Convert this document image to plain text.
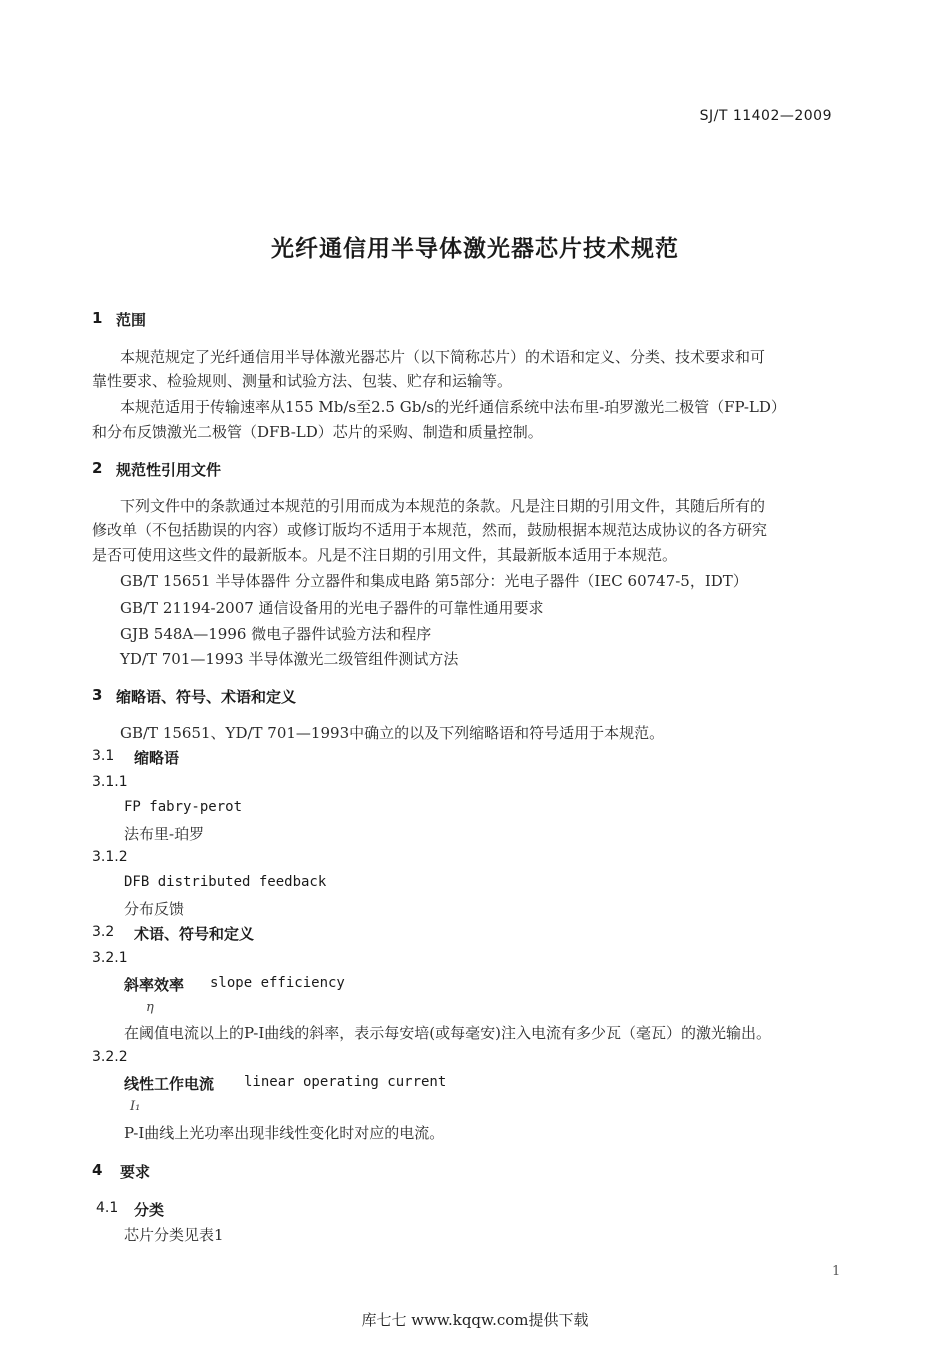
SJ/T 11402—2009
光纤通信用半导体激光器芯片技术规范
1 范围
本规范规定了光纤通信用半导体激光器芯片（以下简称芯片）的术语和定义、分类、技术要求和可
靠性要求、检验规则、测量和试验方法、包装、贮存和运输等。
本规范适用于传输速率从155 Mb/s至2.5 Gb/s的光纤通信系统中法布里-珀罗激光二极管（FP-LD）
和分布反馈激光二极管（DFB-LD）芯片的采购、制造和质量控制。
2 规范性引用文件
下列文件中的条款通过本规范的引用而成为本规范的条款。凡是注日期的引用文件，其随后所有的
修改单（不包括勘误的内容）或修订版均不适用于本规范，然而，鼓励根据本规范达成协议的各方研究
是否可使用这些文件的最新版本。凡是不注日期的引用文件，其最新版本适用于本规范。
GB/T 15651 半导体器件 分立器件和集成电路 第5部分：光电子器件（IEC 60747-5，IDT）
GB/T 21194-2007 通信设备用的光电子器件的可靠性通用要求
GJB 548A—1996 微电子器件试验方法和程序
YD/T 701—1993 半导体激光二级管组件测试方法
3 缩略语、符号、术语和定义
GB/T 15651、YD/T 701—1993中确立的以及下列缩略语和符号适用于本规范。
3.1 缩略语
3.1.1
FP fabry-perot
法布里-珀罗
3.1.2
DFB distributed feedback
分布反馈
3.2 术语、符号和定义
3.2.1
斜率效率 slope efficiency
η
在阈值电流以上的P-I曲线的斜率，表示每安培(或每毫安)注入电流有多少瓦（毫瓦）的激光输出。
3.2.2
线性工作电流 linear operating current
I₁
P-I曲线上光功率出现非线性变化时对应的电流。
4 要求
4.1 分类
芯片分类见表1
1
库七七 www.kqqw.com提供下载
